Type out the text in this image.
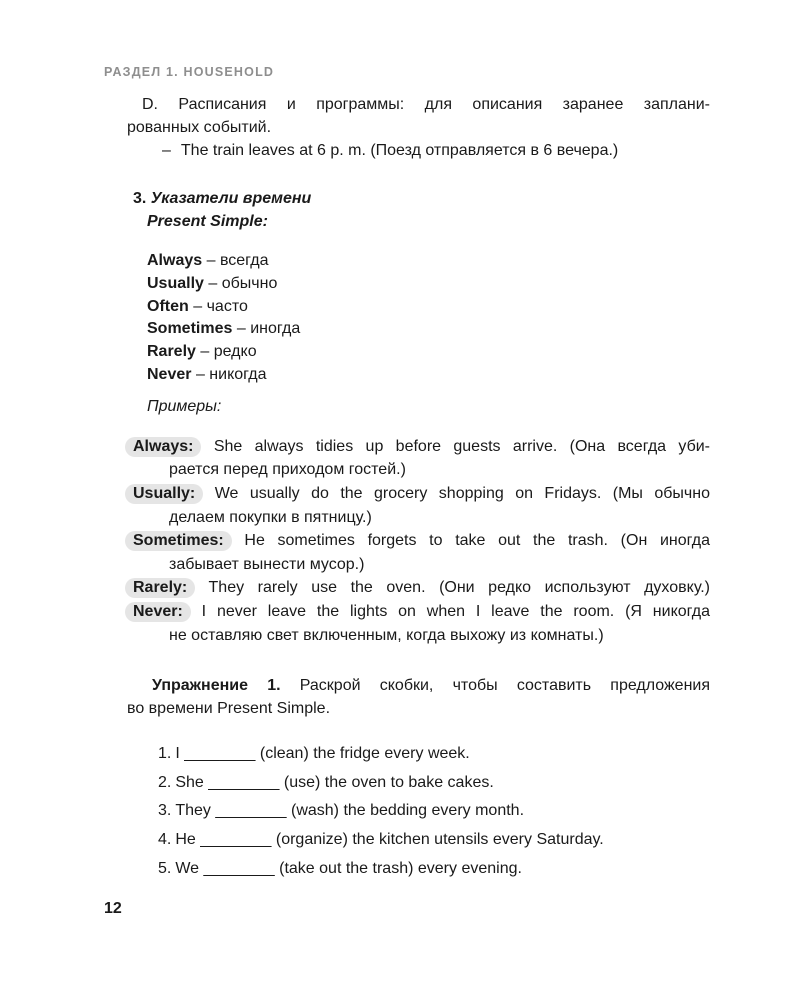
РАЗДЕЛ 1. HOUSEHOLD

D. Расписания и программы: для описания заранее заплани-
рованных событий.

– The train leaves at 6 p. m. (Поезд отправляется в 6 вечера.)

3. Указатели времени

Present Simple:

Always – всегда
Usually – обычно
Often – часто
Sometimes – иногда
Rarely – редко
Never – никогда

Примеры:

Always: She always tidies up before guests arrive. (Она всегда уби-
рается перед приходом гостей.)
Usually: We usually do the grocery shopping on Fridays. (Мы обычно
делаем покупки в пятницу.)
Sometimes: He sometimes forgets to take out the trash. (Он иногда
забывает вынести мусор.)
Rarely: They rarely use the oven. (Они редко используют духовку.)
Never: I never leave the lights on when I leave the room. (Я никогда
не оставляю свет включенным, когда выхожу из комнаты.)

Упражнение 1. Раскрой скобки, чтобы составить предложения
во времени Present Simple.

1. I ________ (clean) the fridge every week.
2. She ________ (use) the oven to bake cakes.
3. They ________ (wash) the bedding every month.
4. He ________ (organize) the kitchen utensils every Saturday.
5. We ________ (take out the trash) every evening.
12
